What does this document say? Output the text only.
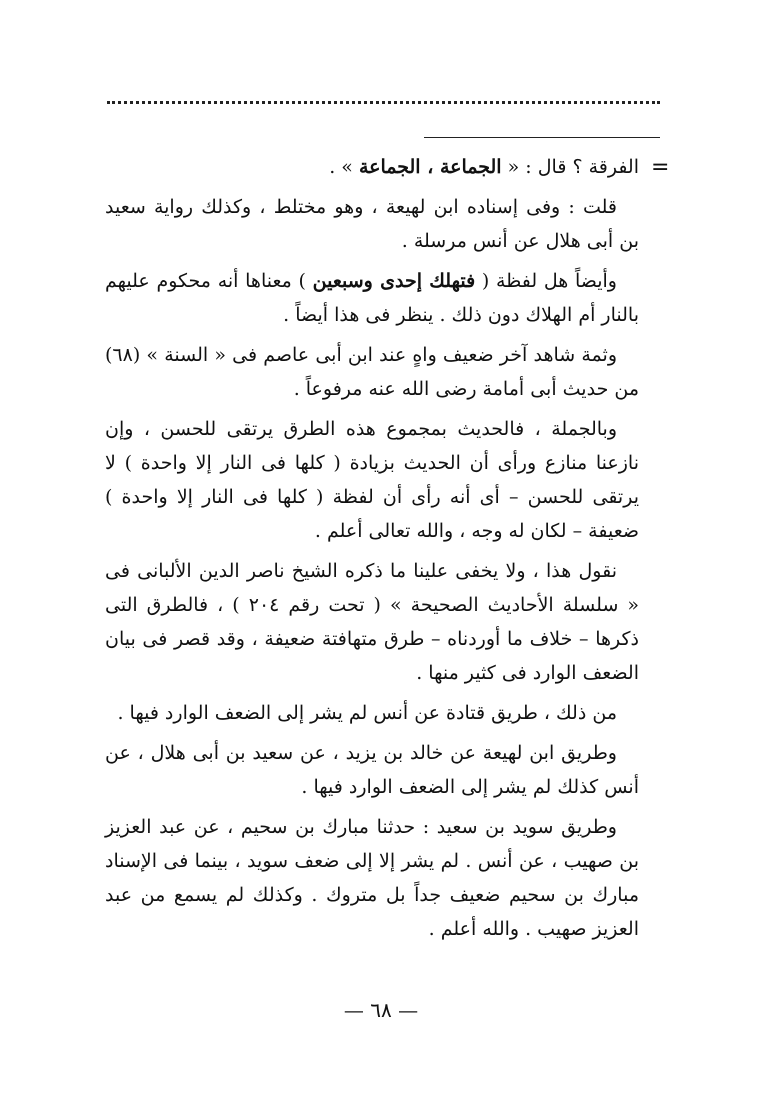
=

الفرقة ؟ قال : « الجماعة ، الجماعة » .

قلت : وفى إسناده ابن لهيعة ، وهو مختلط ، وكذلك رواية سعيد بن أبى هلال عن أنس مرسلة .

وأيضاً هل لفظة ( فتهلك إحدى وسبعين ) معناها أنه محكوم عليهم بالنار أم الهلاك دون ذلك . ينظر فى هذا أيضاً .

وثمة شاهد آخر ضعيف واهٍ عند ابن أبى عاصم فى « السنة » (٦٨) من حديث أبى أمامة رضى الله عنه مرفوعاً .

وبالجملة ، فالحديث بمجموع هذه الطرق يرتقى للحسن ، وإن نازعنا منازع ورأى أن الحديث بزيادة ( كلها فى النار إلا واحدة ) لا يرتقى للحسن – أى أنه رأى أن لفظة ( كلها فى النار إلا واحدة ) ضعيفة – لكان له وجه ، والله تعالى أعلم .

نقول هذا ، ولا يخفى علينا ما ذكره الشيخ ناصر الدين الألبانى فى « سلسلة الأحاديث الصحيحة » ( تحت رقم ٢٠٤ ) ، فالطرق التى ذكرها – خلاف ما أوردناه – طرق متهافتة ضعيفة ، وقد قصر فى بيان الضعف الوارد فى كثير منها .

من ذلك ، طريق قتادة عن أنس لم يشر إلى الضعف الوارد فيها .

وطريق ابن لهيعة عن خالد بن يزيد ، عن سعيد بن أبى هلال ، عن أنس كذلك لم يشر إلى الضعف الوارد فيها .

وطريق سويد بن سعيد : حدثنا مبارك بن سحيم ، عن عبد العزيز بن صهيب ، عن أنس . لم يشر إلا إلى ضعف سويد ، بينما فى الإسناد مبارك بن سحيم ضعيف جداً بل متروك . وكذلك لم يسمع من عبد العزيز صهيب . والله أعلم .

— ٦٨ —
